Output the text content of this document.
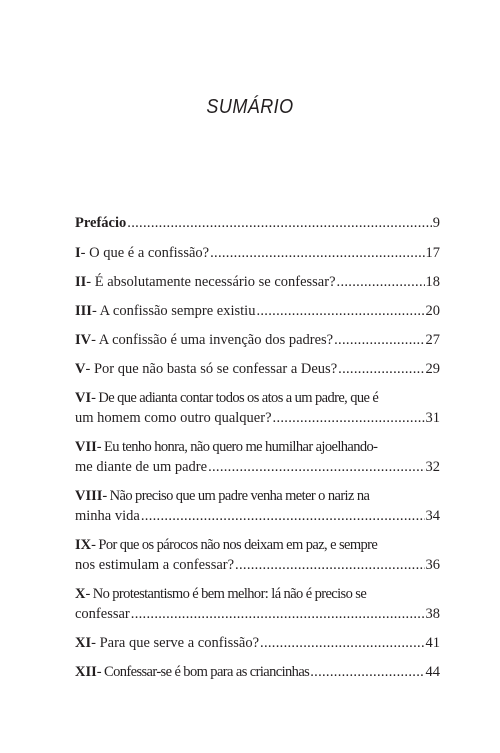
SUMÁRIO
Prefácio .....	9
I - O que é a confissão? .....	17
II - É absolutamente necessário se confessar? .....	18
III - A confissão sempre existiu .....	20
IV - A confissão é uma invenção dos padres? .....	27
V - Por que não basta só se confessar a Deus? .....	29
VI - De que adianta contar todos os atos a um padre, que é
um homem como outro qualquer? .....	31
VII - Eu tenho honra, não quero me humilhar ajoelhando-
me diante de um padre .....	32
VIII - Não preciso que um padre venha meter o nariz na
minha vida .....	34
IX - Por que os párocos não nos deixam em paz, e sempre
nos estimulam a confessar? .....	36
X - No protestantismo é bem melhor: lá não é preciso se
confessar .....	38
XI - Para que serve a confissão? .....	41
XII - Confessar-se é bom para as criancinhas .....	44
